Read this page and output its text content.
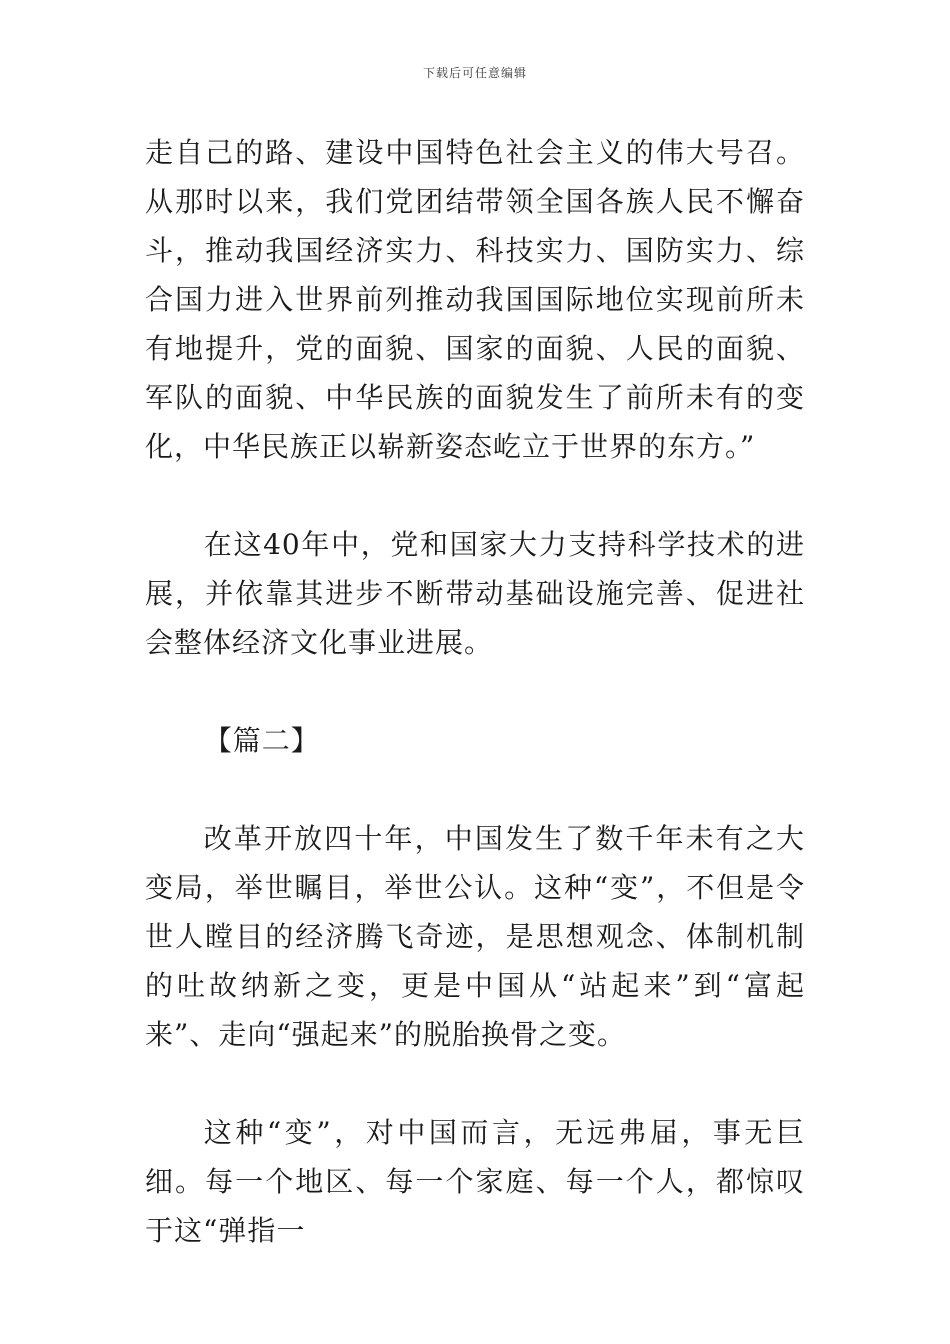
下载后可任意编辑

走自己的路、建设中国特色社会主义的伟大号召。从那时以来，我们党团结带领全国各族人民不懈奋斗，推动我国经济实力、科技实力、国防实力、综合国力进入世界前列推动我国国际地位实现前所未有地提升，党的面貌、国家的面貌、人民的面貌、军队的面貌、中华民族的面貌发生了前所未有的变化，中华民族正以崭新姿态屹立于世界的东方。”

在这40年中，党和国家大力支持科学技术的进展，并依靠其进步不断带动基础设施完善、促进社会整体经济文化事业进展。

【篇二】

改革开放四十年，中国发生了数千年未有之大变局，举世瞩目，举世公认。这种“变”，不但是令世人瞠目的经济腾飞奇迹，是思想观念、体制机制的吐故纳新之变，更是中国从“站起来”到“富起来”、走向“强起来”的脱胎换骨之变。

这种“变”，对中国而言，无远弗届，事无巨细。每一个地区、每一个家庭、每一个人，都惊叹于这“弹指一
